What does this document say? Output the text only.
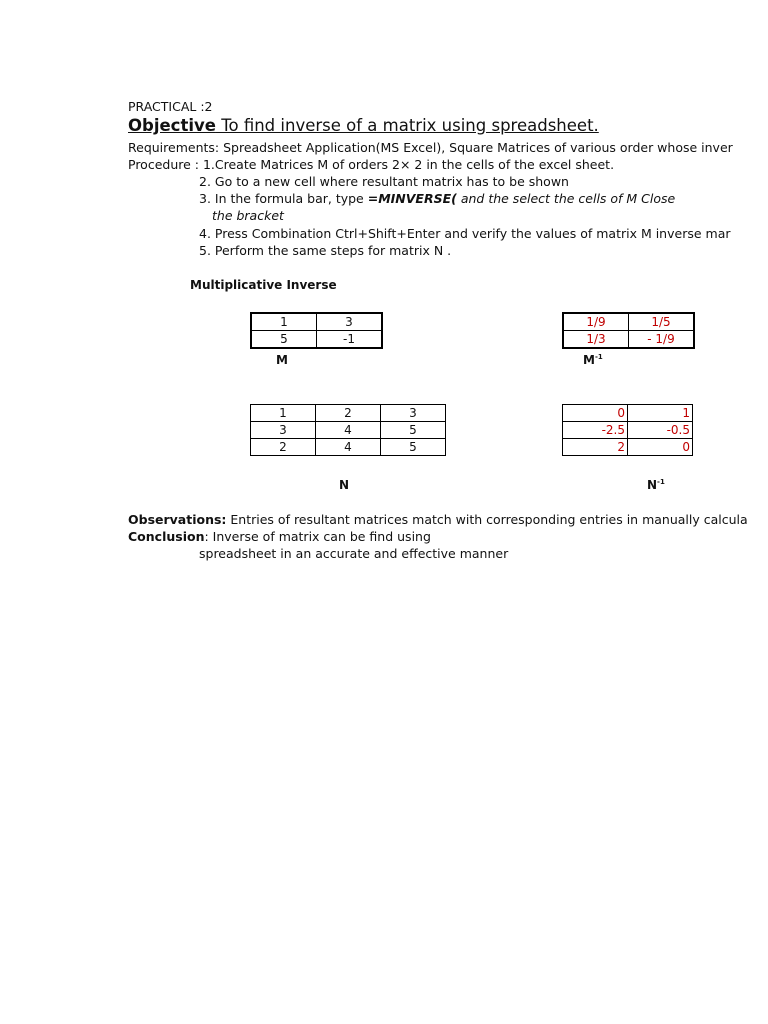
PRACTICAL :2
Objective To find inverse of a matrix using spreadsheet.
Requirements: Spreadsheet Application(MS Excel), Square Matrices of various order whose inver
Procedure : 1.Create Matrices M of orders 2× 2 in the cells of the excel sheet.
2. Go to a new cell where resultant matrix has to be shown
3. In the formula bar, type =MINVERSE( and the select the cells of M Close
the bracket
4. Press Combination Ctrl+Shift+Enter and verify the values of matrix M inverse mar
5. Perform the same steps for matrix N .
Multiplicative Inverse
1	3
5	-1
M
1/9	1/5
1/3	- 1/9
$M^{-1}$
1	2	3
3	4	5
2	4	5
N
0	1
-2.5	-0.5
2	0
$N^{-1}$
Observations: Entries of resultant matrices match with corresponding entries in manually calcula
Conclusion: Inverse of matrix can be find using
spreadsheet in an accurate and effective manner
